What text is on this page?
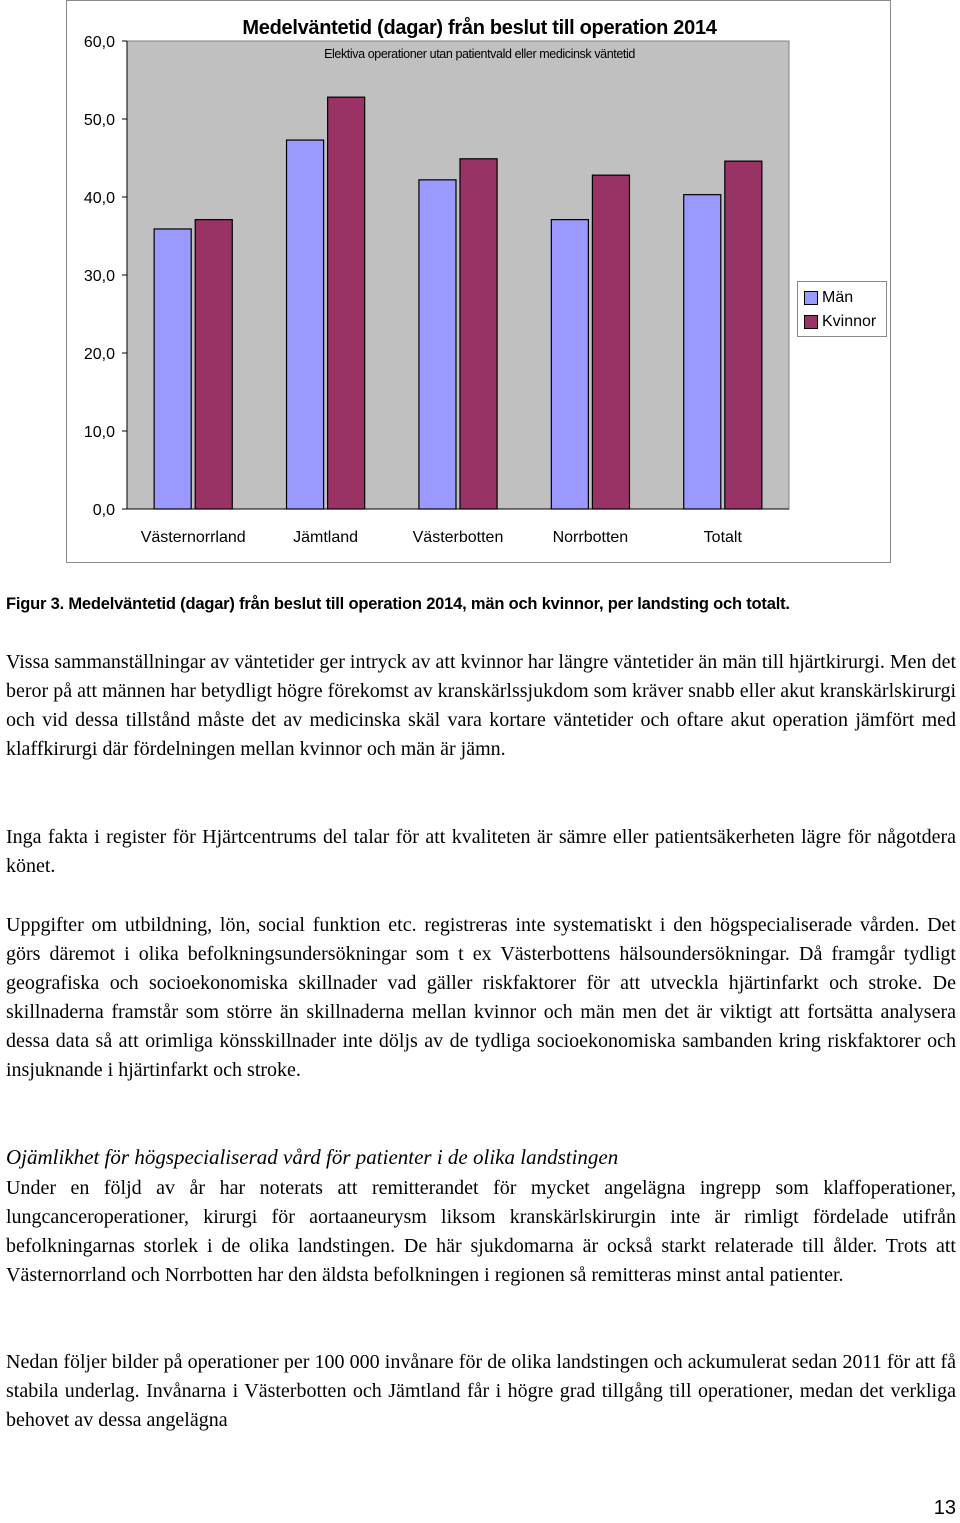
0,0
10,0
20,0
30,0
40,0
50,0
60,0
Västernorrland	Jämtland	Västerbotten	Norrbotten	Totalt
Medelväntetid (dagar) från beslut till operation 2014
Elektiva operationer utan patientvald eller medicinsk väntetid
Män
Kvinnor
Figur 3. Medelväntetid (dagar) från beslut till operation 2014, män och kvinnor, per landsting och totalt.

Vissa sammanställningar av väntetider ger intryck av att kvinnor har längre väntetider än män till hjärtkirurgi. Men det beror på att männen har betydligt högre förekomst av kranskärlssjukdom som kräver snabb eller akut kranskärlskirurgi och vid dessa tillstånd måste det av medicinska skäl vara kortare väntetider och oftare akut operation jämfört med klaffkirurgi där fördelningen mellan kvinnor och män är jämn.

Inga fakta i register för Hjärtcentrums del talar för att kvaliteten är sämre eller patientsäkerheten lägre för någotdera könet.

Uppgifter om utbildning, lön, social funktion etc. registreras inte systematiskt i den högspecialiserade vården. Det görs däremot i olika befolkningsundersökningar som t ex Västerbottens hälsoundersökningar. Då framgår tydligt geografiska och socioekonomiska skillnader vad gäller riskfaktorer för att utveckla hjärtinfarkt och stroke. De skillnaderna framstår som större än skillnaderna mellan kvinnor och män men det är viktigt att fortsätta analysera dessa data så att orimliga könsskillnader inte döljs av de tydliga socioekonomiska sambanden kring riskfaktorer och insjuknande i hjärtinfarkt och stroke.

Ojämlikhet för högspecialiserad vård för patienter i de olika landstingen

Under en följd av år har noterats att remitterandet för mycket angelägna ingrepp som klaffoperationer, lungcanceroperationer, kirurgi för aortaaneurysm liksom kranskärlskirurgin inte är rimligt fördelade utifrån befolkningarnas storlek i de olika landstingen. De här sjukdomarna är också starkt relaterade till ålder. Trots att Västernorrland och Norrbotten har den äldsta befolkningen i regionen så remitteras minst antal patienter.

Nedan följer bilder på operationer per 100 000 invånare för de olika landstingen och ackumulerat sedan 2011 för att få stabila underlag. Invånarna i Västerbotten och Jämtland får i högre grad tillgång till operationer, medan det verkliga behovet av dessa angelägna

13
